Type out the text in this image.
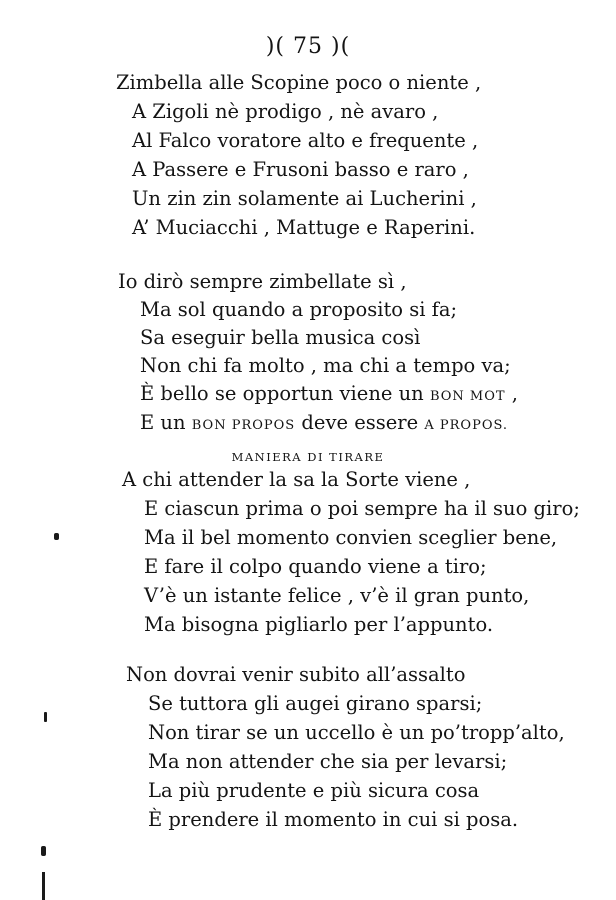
)( 75 )(
Zimbella alle Scopine poco o niente ,
A Zigoli nè prodigo , nè avaro ,
Al Falco voratore alto e frequente ,
A Passere e Frusoni basso e raro ,
Un zin zin solamente ai Lucherini ,
A’ Muciacchi , Mattuge e Raperini.
Io dirò sempre zimbellate sì ,
Ma sol quando a proposito si fa;
Sa eseguir bella musica così
Non chi fa molto , ma chi a tempo va;
È bello se opportun viene un BON MOT ,
E un BON PROPOS deve essere A PROPOS.
MANIERA DI TIRARE
A chi attender la sa la Sorte viene ,
E ciascun prima o poi sempre ha il suo giro;
Ma il bel momento convien sceglier bene,
E fare il colpo quando viene a tiro;
V’è un istante felice , v’è il gran punto,
Ma bisogna pigliarlo per l’appunto.
Non dovrai venir subito all’assalto
Se tuttora gli augei girano sparsi;
Non tirar se un uccello è un po’tropp’alto,
Ma non attender che sia per levarsi;
La più prudente e più sicura cosa
È prendere il momento in cui si posa.
